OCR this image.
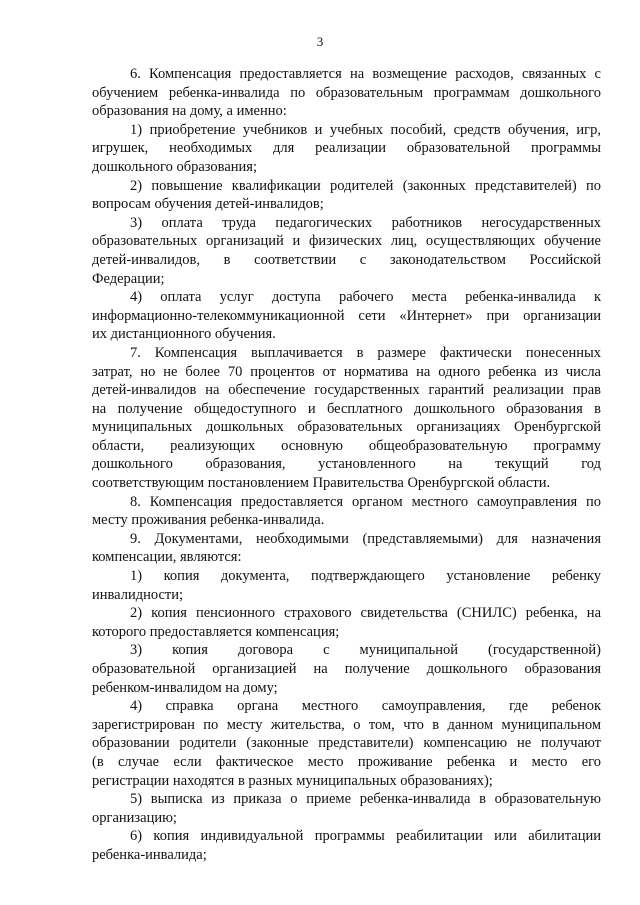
3
6. Компенсация предоставляется на возмещение расходов, связанных с
обучением ребенка-инвалида по образовательным программам дошкольного
образования на дому, а именно:
1) приобретение учебников и учебных пособий, средств обучения, игр,
игрушек, необходимых для реализации образовательной программы
дошкольного образования;
2) повышение квалификации родителей (законных представителей) по
вопросам обучения детей-инвалидов;
3) оплата труда педагогических работников негосударственных
образовательных организаций и физических лиц, осуществляющих обучение
детей-инвалидов, в соответствии с законодательством Российской
Федерации;
4) оплата услуг доступа рабочего места ребенка-инвалида к
информационно-телекоммуникационной сети «Интернет» при организации
их дистанционного обучения.
7. Компенсация выплачивается в размере фактически понесенных
затрат, но не более 70 процентов от норматива на одного ребенка из числа
детей-инвалидов на обеспечение государственных гарантий реализации прав
на получение общедоступного и бесплатного дошкольного образования в
муниципальных дошкольных образовательных организациях Оренбургской
области, реализующих основную общеобразовательную программу
дошкольного образования, установленного на текущий год
соответствующим постановлением Правительства Оренбургской области.
8. Компенсация предоставляется органом местного самоуправления по
месту проживания ребенка-инвалида.
9. Документами, необходимыми (представляемыми) для назначения
компенсации, являются:
1) копия документа, подтверждающего установление ребенку
инвалидности;
2) копия пенсионного страхового свидетельства (СНИЛС) ребенка, на
которого предоставляется компенсация;
3) копия договора с муниципальной (государственной)
образовательной организацией на получение дошкольного образования
ребенком-инвалидом на дому;
4) справка органа местного самоуправления, где ребенок
зарегистрирован по месту жительства, о том, что в данном муниципальном
образовании родители (законные представители) компенсацию не получают
(в случае если фактическое место проживание ребенка и место его
регистрации находятся в разных муниципальных образованиях);
5) выписка из приказа о приеме ребенка-инвалида в образовательную
организацию;
6) копия индивидуальной программы реабилитации или абилитации
ребенка-инвалида;
